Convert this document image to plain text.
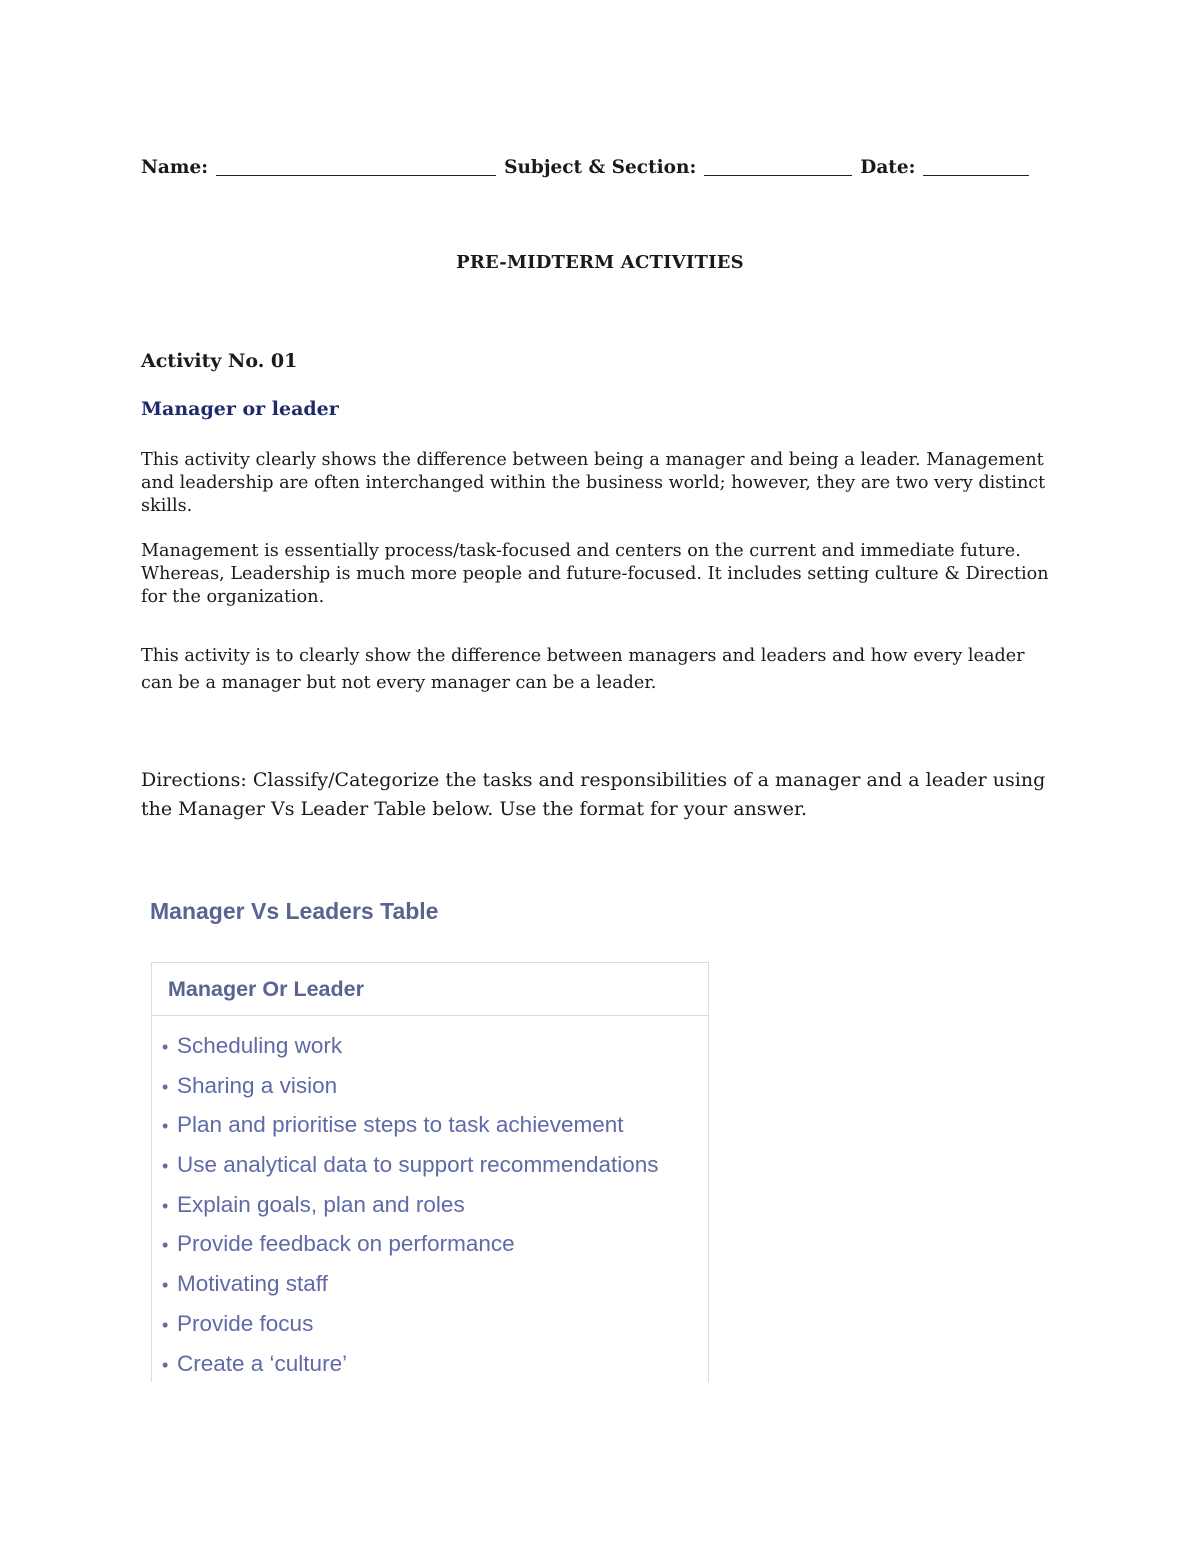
Name:	Subject & Section:	Date:
PRE-MIDTERM ACTIVITIES
Activity No. 01
Manager or leader
This activity clearly shows the difference between being a manager and being a leader. Management and leadership are often interchanged within the business world; however, they are two very distinct skills.
Management is essentially process/task-focused and centers on the current and immediate future. Whereas, Leadership is much more people and future-focused. It includes setting culture & Direction for the organization.
This activity is to clearly show the difference between managers and leaders and how every leader can be a manager but not every manager can be a leader.
Directions: Classify/Categorize the tasks and responsibilities of a manager and a leader using the Manager Vs Leader Table below. Use the format for your answer.
Manager Vs Leaders Table
Manager Or Leader
• Scheduling work
• Sharing a vision
• Plan and prioritise steps to task achievement
• Use analytical data to support recommendations
• Explain goals, plan and roles
• Provide feedback on performance
• Motivating staff
• Provide focus
• Create a ‘culture’
